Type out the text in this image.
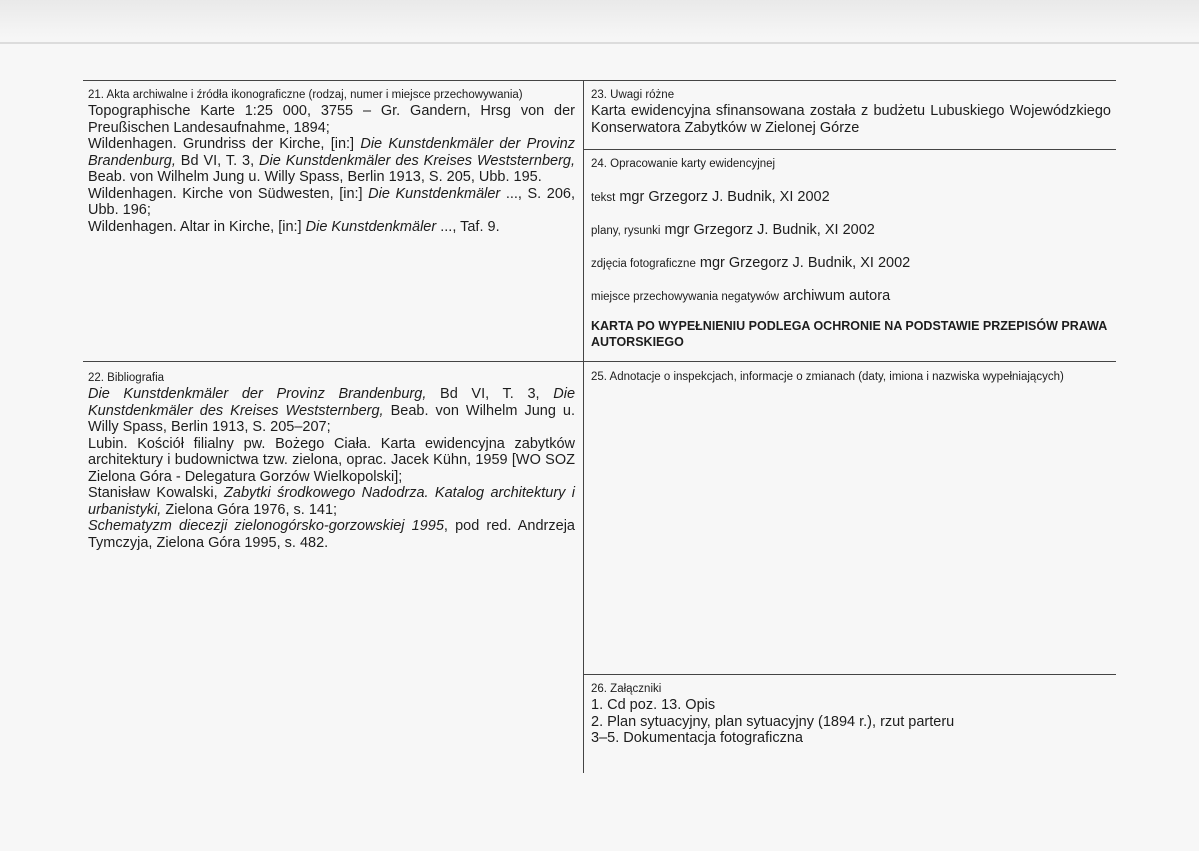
21. Akta archiwalne i źródła ikonograficzne (rodzaj, numer i miejsce przechowywania)

Topographische Karte 1:25 000, 3755 – Gr. Gandern, Hrsg von der Preußischen Landesaufnahme, 1894;
Wildenhagen. Grundriss der Kirche, [in:] Die Kunstdenkmäler der Provinz Brandenburg, Bd VI, T. 3, Die Kunstdenkmäler des Kreises Weststernberg, Beab. von Wilhelm Jung u. Willy Spass, Berlin 1913, S. 205, Ubb. 195.
Wildenhagen. Kirche von Südwesten, [in:] Die Kunstdenkmäler ..., S. 206, Ubb. 196;
Wildenhagen. Altar in Kirche, [in:] Die Kunstdenkmäler ..., Taf. 9.

22. Bibliografia

Die Kunstdenkmäler der Provinz Brandenburg, Bd VI, T. 3, Die Kunstdenkmäler des Kreises Weststernberg, Beab. von Wilhelm Jung u. Willy Spass, Berlin 1913, S. 205–207;
Lubin. Kościół filialny pw. Bożego Ciała. Karta ewidencyjna zabytków architektury i budownictwa tzw. zielona, oprac. Jacek Kühn, 1959 [WO SOZ Zielona Góra - Delegatura Gorzów Wielkopolski];
Stanisław Kowalski, Zabytki środkowego Nadodrza. Katalog architektury i urbanistyki, Zielona Góra 1976, s. 141;
Schematyzm diecezji zielonogórsko-gorzowskiej 1995, pod red. Andrzeja Tymczyja, Zielona Góra 1995, s. 482.

23. Uwagi różne

Karta ewidencyjna sfinansowana została z budżetu Lubuskiego Wojewódzkiego Konserwatora Zabytków w Zielonej Górze

24. Opracowanie karty ewidencyjnej

tekst mgr Grzegorz J. Budnik, XI 2002
plany, rysunki mgr Grzegorz J. Budnik, XI 2002
zdjęcia fotograficzne mgr Grzegorz J. Budnik, XI 2002
miejsce przechowywania negatywów archiwum autora
KARTA PO WYPEŁNIENIU PODLEGA OCHRONIE NA PODSTAWIE PRZEPISÓW PRAWA AUTORSKIEGO

25. Adnotacje o inspekcjach, informacje o zmianach (daty, imiona i nazwiska wypełniających)

26. Załączniki

1. Cd poz. 13. Opis
2. Plan sytuacyjny, plan sytuacyjny (1894 r.), rzut parteru
3–5. Dokumentacja fotograficzna
